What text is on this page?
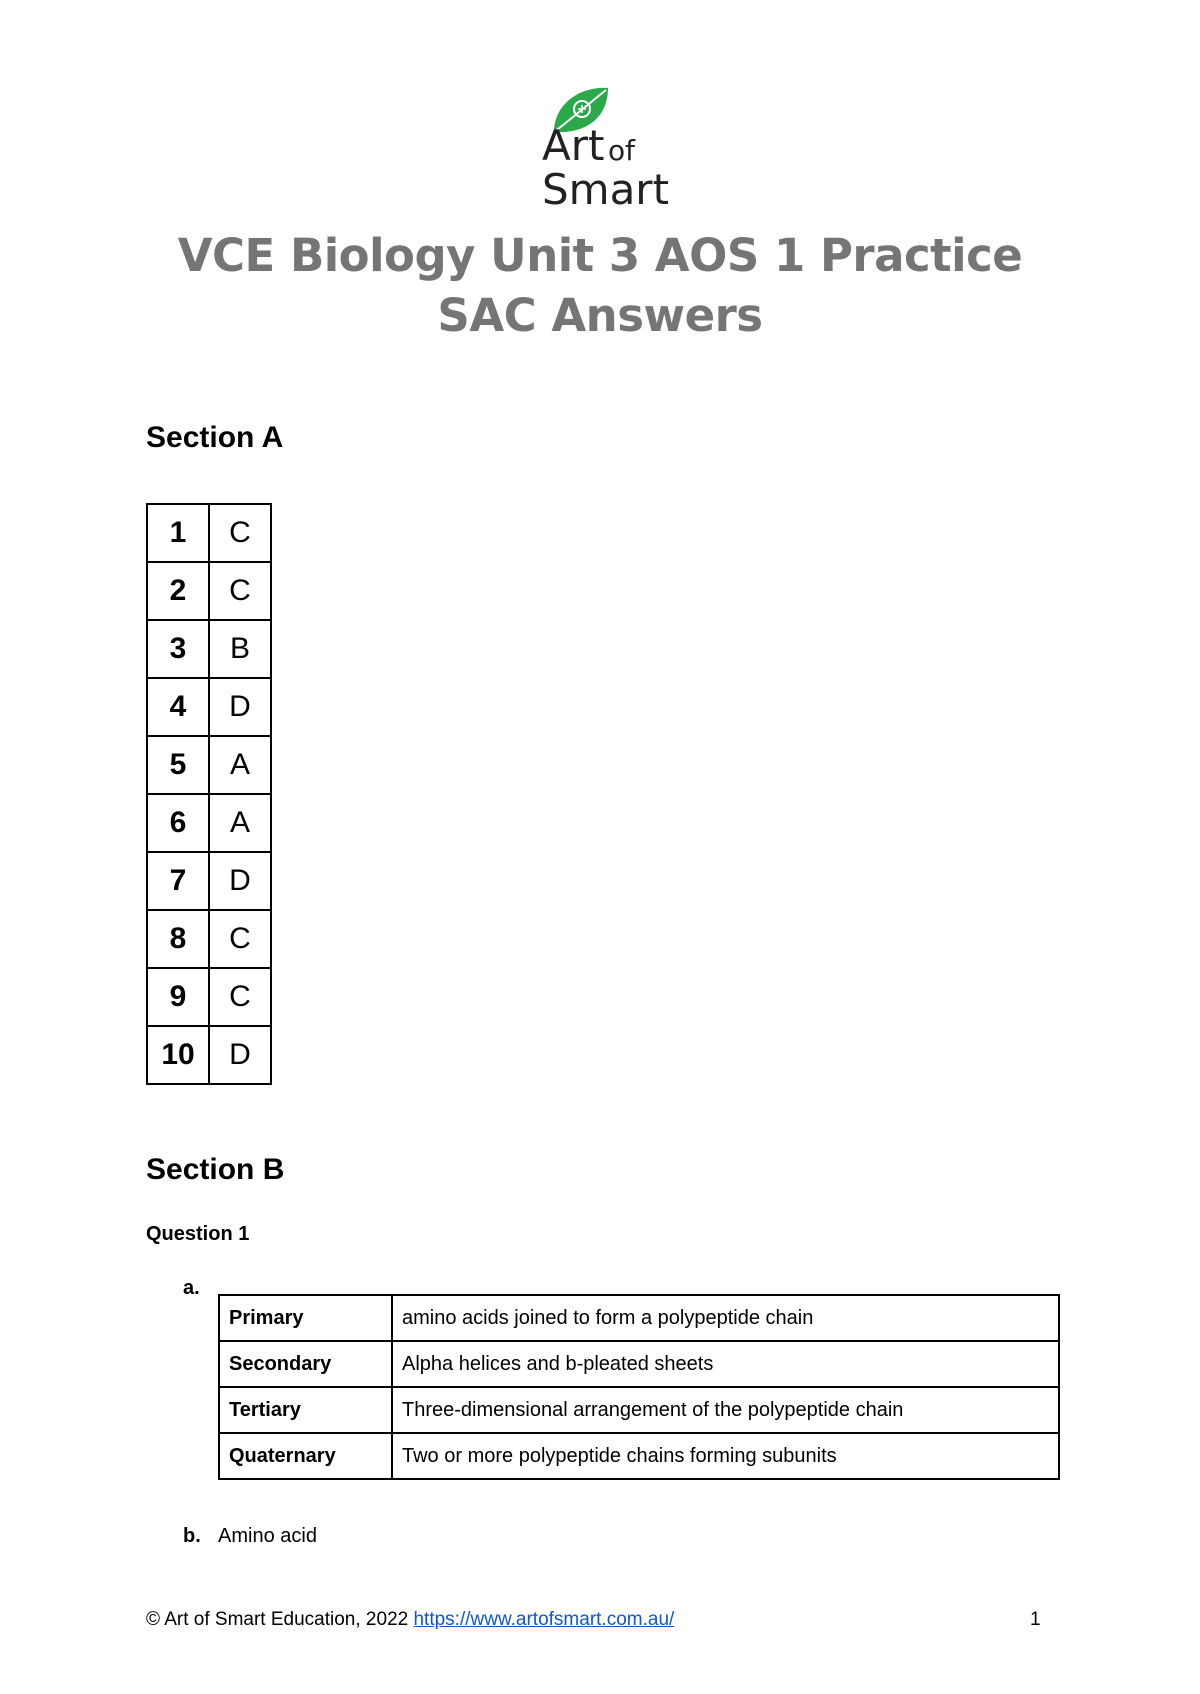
Art of
Smart
VCE Biology Unit 3 AOS 1 Practice
SAC Answers
Section A
1	C
2	C
3	B
4	D
5	A
6	A
7	D
8	C
9	C
10	D
Section B
Question 1
a.
Primary	amino acids joined to form a polypeptide chain
Secondary	Alpha helices and b-pleated sheets
Tertiary	Three-dimensional arrangement of the polypeptide chain
Quaternary	Two or more polypeptide chains forming subunits
b. Amino acid
© Art of Smart Education, 2022 https://www.artofsmart.com.au/	1
